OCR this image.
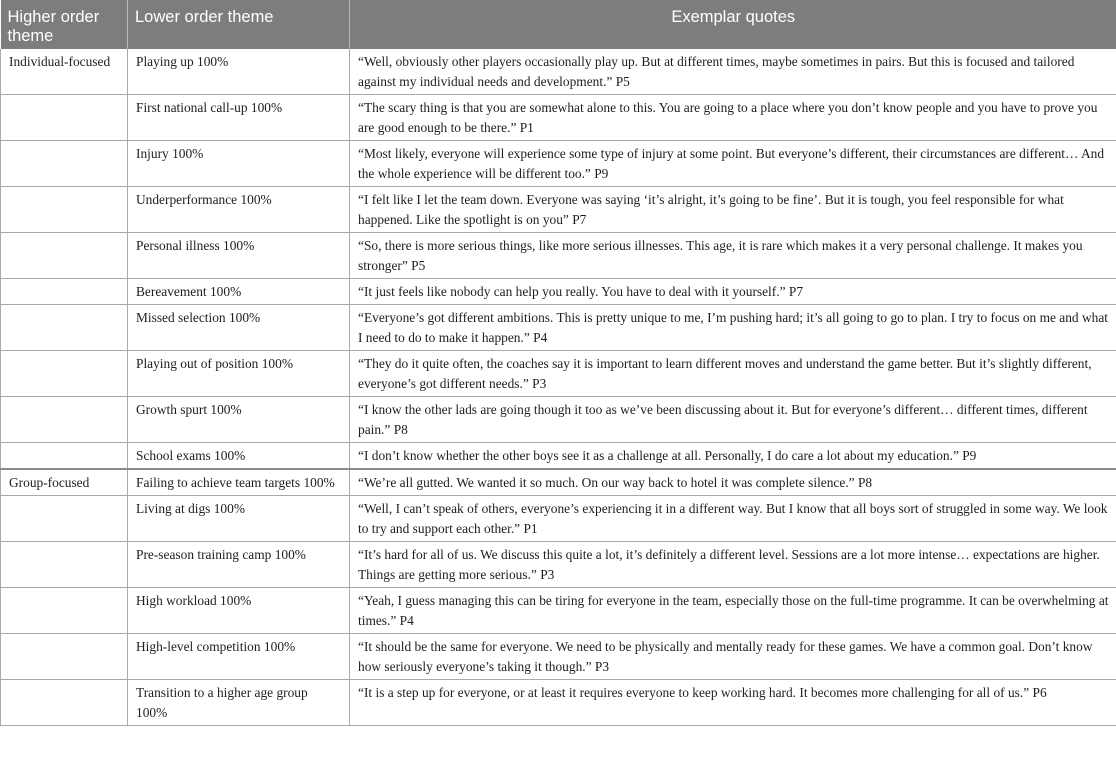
Higher order theme	Lower order theme	Exemplar quotes
Individual-focused	Playing up 100%	“Well, obviously other players occasionally play up. But at different times, maybe sometimes in pairs. But this is focused and tailored against my individual needs and development.” P5
	First national call-up 100%	“The scary thing is that you are somewhat alone to this. You are going to a place where you don’t know people and you have to prove you are good enough to be there.” P1
	Injury 100%	“Most likely, everyone will experience some type of injury at some point. But everyone’s different, their circumstances are different… And the whole experience will be different too.” P9
	Underperformance 100%	“I felt like I let the team down. Everyone was saying ‘it’s alright, it’s going to be fine’. But it is tough, you feel responsible for what happened. Like the spotlight is on you” P7
	Personal illness 100%	“So, there is more serious things, like more serious illnesses. This age, it is rare which makes it a very personal challenge. It makes you stronger” P5
	Bereavement 100%	“It just feels like nobody can help you really. You have to deal with it yourself.” P7
	Missed selection 100%	“Everyone’s got different ambitions. This is pretty unique to me, I’m pushing hard; it’s all going to go to plan. I try to focus on me and what I need to do to make it happen.” P4
	Playing out of position 100%	“They do it quite often, the coaches say it is important to learn different moves and understand the game better. But it’s slightly different, everyone’s got different needs.” P3
	Growth spurt 100%	“I know the other lads are going though it too as we’ve been discussing about it. But for everyone’s different… different times, different pain.” P8
	School exams 100%	“I don’t know whether the other boys see it as a challenge at all. Personally, I do care a lot about my education.” P9
Group-focused	Failing to achieve team targets 100%	“We’re all gutted. We wanted it so much. On our way back to hotel it was complete silence.” P8
	Living at digs 100%	“Well, I can’t speak of others, everyone’s experiencing it in a different way. But I know that all boys sort of struggled in some way. We look to try and support each other.” P1
	Pre-season training camp 100%	“It’s hard for all of us. We discuss this quite a lot, it’s definitely a different level. Sessions are a lot more intense… expectations are higher. Things are getting more serious.” P3
	High workload 100%	“Yeah, I guess managing this can be tiring for everyone in the team, especially those on the full-time programme. It can be overwhelming at times.” P4
	High-level competition 100%	“It should be the same for everyone. We need to be physically and mentally ready for these games. We have a common goal. Don’t know how seriously everyone’s taking it though.” P3
	Transition to a higher age group 100%	“It is a step up for everyone, or at least it requires everyone to keep working hard. It becomes more challenging for all of us.” P6
